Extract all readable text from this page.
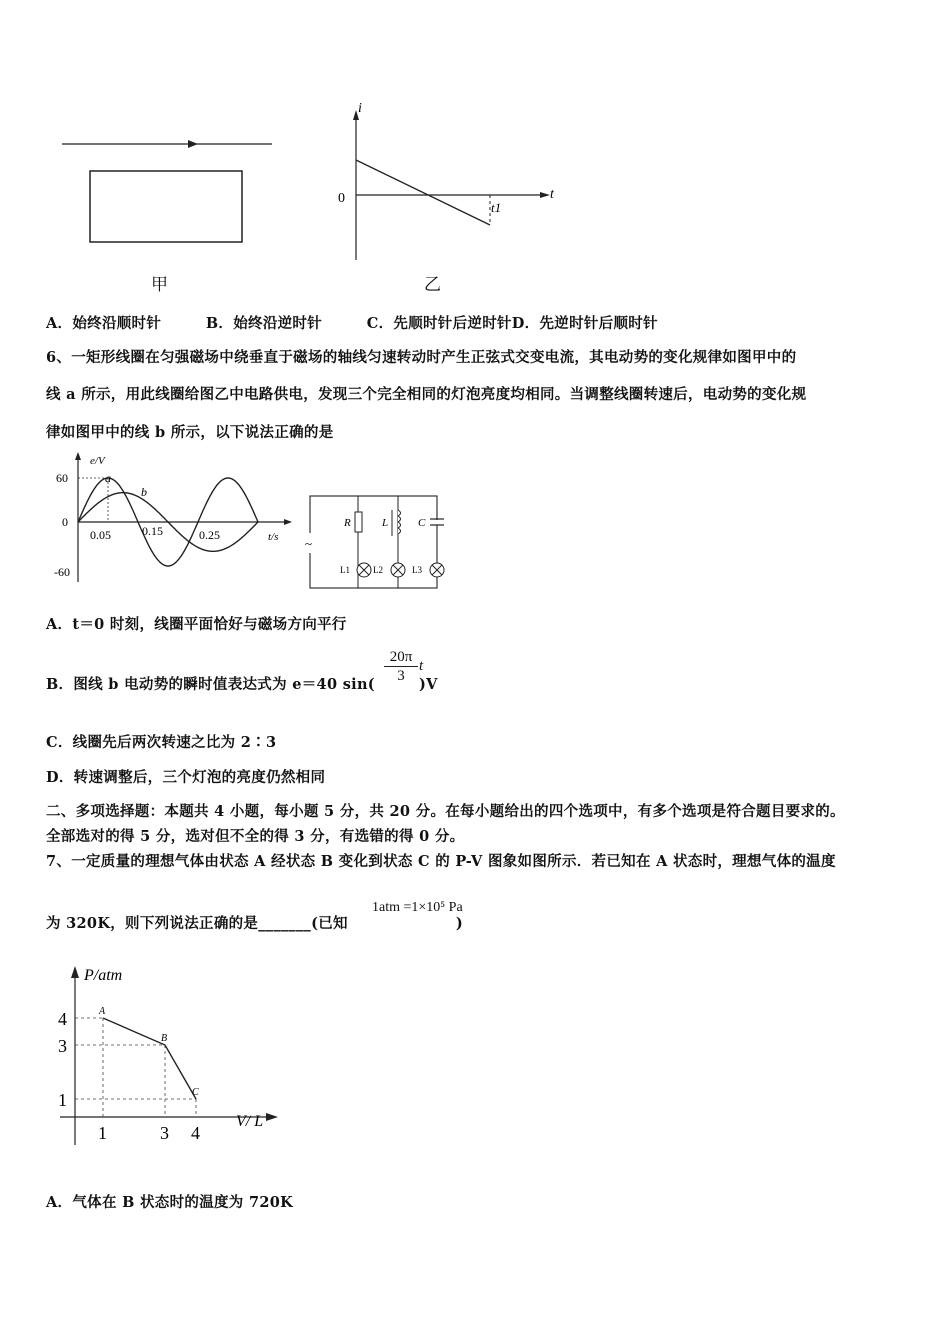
i
t
0
t1
甲	乙
A．始终沿顺时针	B．始终沿逆时针	C．先顺时针后逆时针D．先逆时针后顺时针
6、一矩形线圈在匀强磁场中绕垂直于磁场的轴线匀速转动时产生正弦式交变电流，其电动势的变化规律如图甲中的
线 a 所示，用此线圈给图乙中电路供电，发现三个完全相同的灯泡亮度均相同。当调整线圈转速后，电动势的变化规
律如图甲中的线 b 所示，以下说法正确的是
e/V
t/s
60
0
-60
0.05	0.15	0.25
a
b
~
R	L	C
L1	L2	L3
A．t＝0 时刻，线圈平面恰好与磁场方向平行
B．图线 b 电动势的瞬时值表达式为 e＝40 sin(	)V
$\frac{20\pi}{3}$ t
C．线圈先后两次转速之比为 2∶3
D．转速调整后，三个灯泡的亮度仍然相同
二、多项选择题：本题共 4 小题，每小题 5 分，共 20 分。在每小题给出的四个选项中，有多个选项是符合题目要求的。
全部选对的得 5 分，选对但不全的得 3 分，有选错的得 0 分。
7、一定质量的理想气体由状态 A 经状态 B 变化到状态 C 的 P-V 图象如图所示．若已知在 A 状态时，理想气体的温度
为 320K，则下列说法正确的是_______(已知	)
1atm =1×10⁵ Pa
A
4
1
B
3
3
C
1
4
P/atm
V/ L
A．气体在 B 状态时的温度为 720K
